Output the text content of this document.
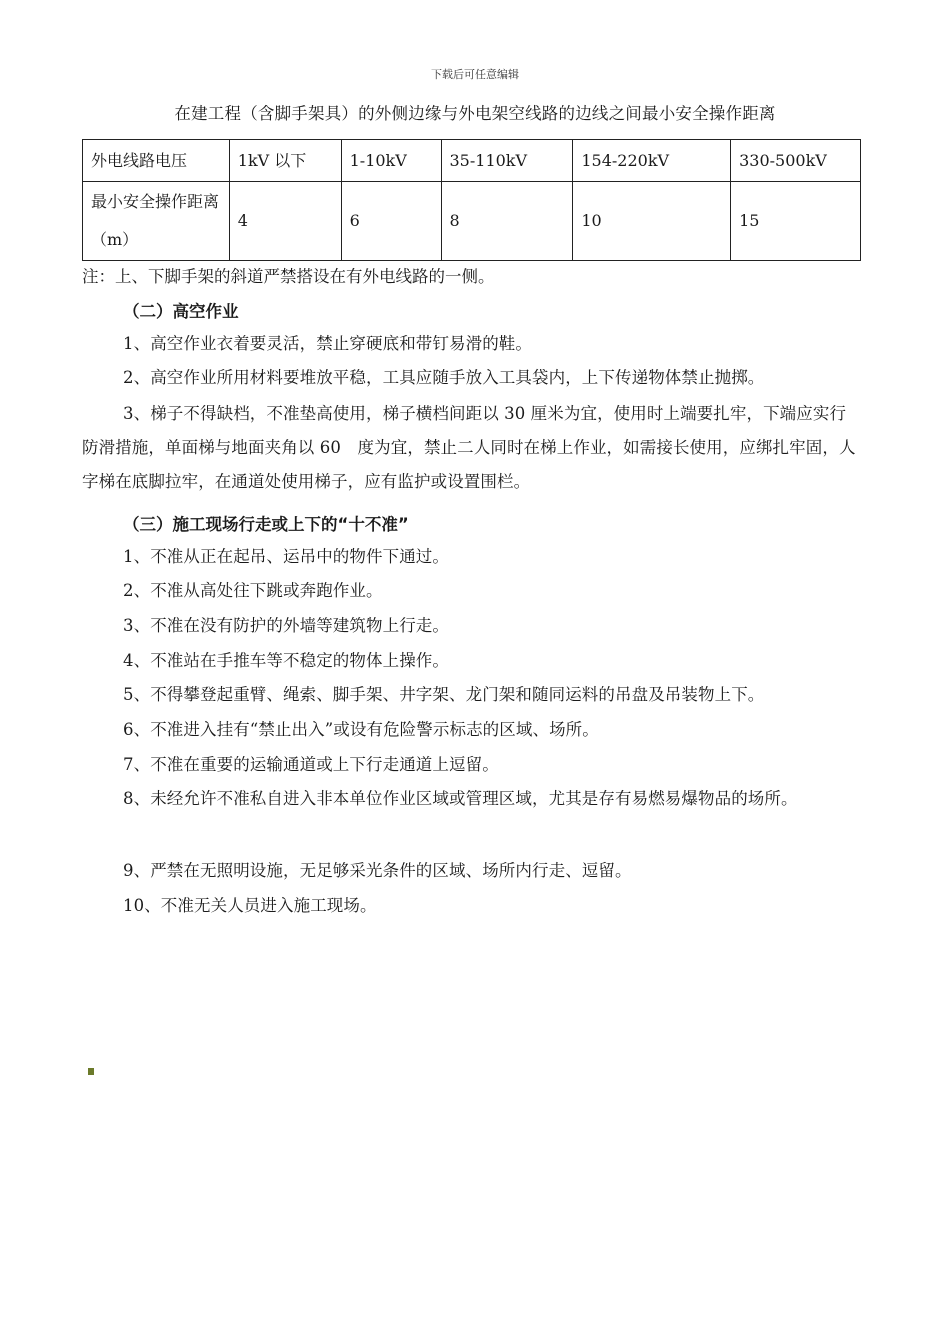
下载后可任意编辑
在建工程（含脚手架具）的外侧边缘与外电架空线路的边线之间最小安全操作距离
外电线路电压	1kV 以下	1-10kV	35-110kV	154-220kV	330-500kV
最小安全操作距离（m）	4	6	8	10	15
注：上、下脚手架的斜道严禁搭设在有外电线路的一侧。
（二）高空作业
1、高空作业衣着要灵活，禁止穿硬底和带钉易滑的鞋。
2、高空作业所用材料要堆放平稳，工具应随手放入工具袋内，上下传递物体禁止抛掷。
3、梯子不得缺档，不准垫高使用，梯子横档间距以 30 厘米为宜，使用时上端要扎牢，下端应实行防滑措施，单面梯与地面夹角以 60　度为宜，禁止二人同时在梯上作业，如需接长使用，应绑扎牢固，人字梯在底脚拉牢，在通道处使用梯子，应有监护或设置围栏。
（三）施工现场行走或上下的“十不准”
1、不准从正在起吊、运吊中的物件下通过。
2、不准从高处往下跳或奔跑作业。
3、不准在没有防护的外墙等建筑物上行走。
4、不准站在手推车等不稳定的物体上操作。
5、不得攀登起重臂、绳索、脚手架、井字架、龙门架和随同运料的吊盘及吊装物上下。
6、不准进入挂有“禁止出入”或设有危险警示标志的区域、场所。
7、不准在重要的运输通道或上下行走通道上逗留。
8、未经允许不准私自进入非本单位作业区域或管理区域，尤其是存有易燃易爆物品的场所。
9、严禁在无照明设施，无足够采光条件的区域、场所内行走、逗留。
10、不准无关人员进入施工现场。
